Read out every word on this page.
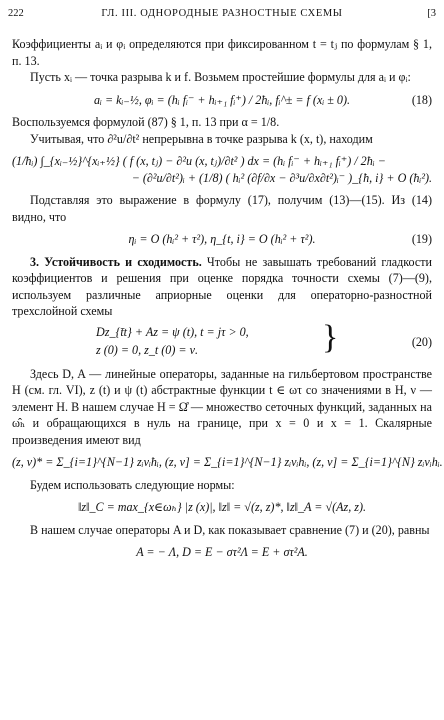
222	ГЛ. III. ОДНОРОДНЫЕ РАЗНОСТНЫЕ СХЕМЫ	[3

Коэффициенты aᵢ и φᵢ определяются при фиксированном t = tⱼ по формулам § 1, п. 13.

Пусть xᵢ — точка разрыва k и f. Возьмем простейшие формулы для aᵢ и φᵢ:

aᵢ = kᵢ₋½, φᵢ = (hᵢ fᵢ⁻ + hᵢ₊₁ fᵢ⁺) / 2ħᵢ, fᵢ^± = f (xᵢ ± 0).	(18)

Воспользуемся формулой (87) § 1, п. 13 при α = 1/8.

Учитывая, что ∂²u/∂t² непрерывна в точке разрыва k (x, t), находим

(1/ħᵢ) ∫_{xᵢ₋½}^{xᵢ₊½} ( f (x, tⱼ) − ∂²u (x, tⱼ)/∂t² ) dx = (hᵢ fᵢ⁻ + hᵢ₊₁ fᵢ⁺) / 2ħᵢ −
− (∂²u/∂t²)ᵢ + (1/8) ( hᵢ² (∂f/∂x − ∂³u/∂x∂t²)ᵢ⁻ )_{ħ, i} + O (ħᵢ²).

Подставляя это выражение в формулу (17), получим (13)—(15). Из (14) видно, что

ηᵢ = O (hᵢ² + τ²), η_{t, i} = O (hᵢ² + τ²).	(19)

3. Устойчивость и сходимость. Чтобы не завышать требований гладкости коэффициентов и решения при оценке порядка точности схемы (7)—(9), используем различные априорные оценки для операторно-разностной трехслойной схемы

Dz_{t̄t} + Az = ψ (t), t = jτ > 0,
z (0) = 0, z_t (0) = ν.	}	(20)

Здесь D, A — линейные операторы, заданные на гильбертовом пространстве H (см. гл. VI), z (t) и ψ (t) абстрактные функции t ∈ ωτ со значениями в H, ν — элемент H. В нашем случае H = Ω̊ — множество сеточных функций, заданных на ω̂ₕ и обращающихся в нуль на границе, при x = 0 и x = 1. Скалярные произведения имеют вид

(z, v)* = Σ_{i=1}^{N−1} zᵢvᵢħᵢ, (z, v] = Σ_{i=1}^{N−1} zᵢvᵢhᵢ, (z, v] = Σ_{i=1}^{N} zᵢvᵢhᵢ.

Будем использовать следующие нормы:

‖z‖_C = max_{x∈ωₕ} |z (x)|, ‖z‖ = √(z, z)*, ‖z‖_A = √(Az, z).

В нашем случае операторы A и D, как показывает сравнение (7) и (20), равны

A = − Λ, D = E − στ²Λ = E + στ²A.
